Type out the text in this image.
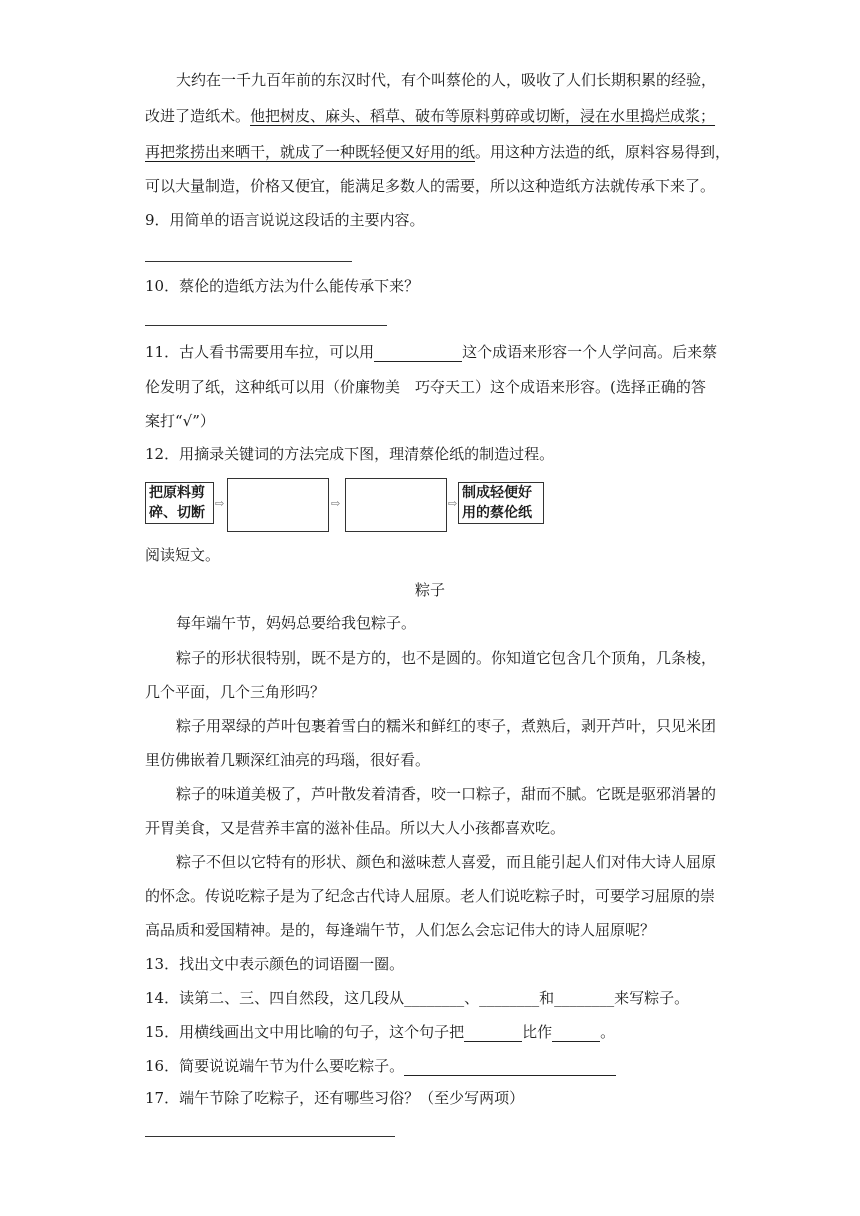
大约在一千九百年前的东汉时代，有个叫蔡伦的人，吸收了人们长期积累的经验，
改进了造纸术。他把树皮、麻头、稻草、破布等原料剪碎或切断，浸在水里捣烂成浆；
再把浆捞出来晒干，就成了一种既轻便又好用的纸。用这种方法造的纸，原料容易得到，
可以大量制造，价格又便宜，能满足多数人的需要，所以这种造纸方法就传承下来了。
9．用简单的语言说说这段话的主要内容。
10．蔡伦的造纸方法为什么能传承下来？
11．古人看书需要用车拉，可以用	这个成语来形容一个人学问高。后来蔡
伦发明了纸，这种纸可以用（价廉物美　巧夺天工）这个成语来形容。(选择正确的答
案打“√”）
12．用摘录关键词的方法完成下图，理清蔡伦纸的制造过程。
把原料剪
碎、切断
⇨	⇨	⇨
制成轻便好
用的蔡伦纸
阅读短文。
粽子
每年端午节，妈妈总要给我包粽子。
粽子的形状很特别，既不是方的，也不是圆的。你知道它包含几个顶角，几条棱，
几个平面，几个三角形吗？
粽子用翠绿的芦叶包裹着雪白的糯米和鲜红的枣子，煮熟后，剥开芦叶，只见米团
里仿佛嵌着几颗深红油亮的玛瑙，很好看。
粽子的味道美极了，芦叶散发着清香，咬一口粽子，甜而不腻。它既是驱邪消暑的
开胃美食，又是营养丰富的滋补佳品。所以大人小孩都喜欢吃。
粽子不但以它特有的形状、颜色和滋味惹人喜爱，而且能引起人们对伟大诗人屈原
的怀念。传说吃粽子是为了纪念古代诗人屈原。老人们说吃粽子时，可要学习屈原的崇
高品质和爱国精神。是的，每逢端午节，人们怎么会忘记伟大的诗人屈原呢？
13．找出文中表示颜色的词语圈一圈。
14．读第二、三、四自然段，这几段从________、________和________来写粽子。
15．用横线画出文中用比喻的句子，这个句子把	比作	。
16．简要说说端午节为什么要吃粽子。
17．端午节除了吃粽子，还有哪些习俗？（至少写两项）
